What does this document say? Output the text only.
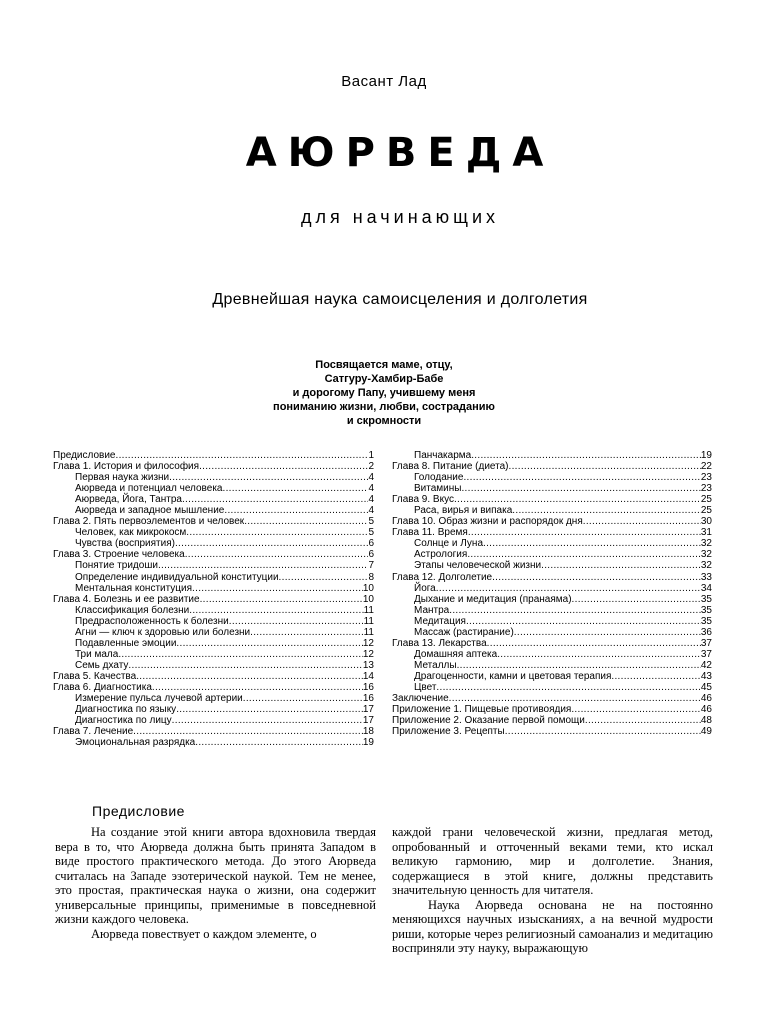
Васант Лад
АЮРВЕДА
для начинающих
Древнейшая наука самоисцеления и долголетия
Посвящается маме, отцу,
Сатгуру-Хамбир-Бабе
и дорогому Папу, учившему меня
пониманию жизни, любви, состраданию
и скромности
Предисловие .....	1
Глава 1. История и философия .....	2
Первая наука жизни .....	4
Аюрведа и потенциал человека .....	4
Аюрведа, Йога, Тантра .....	4
Аюрведа и западное мышление .....	4
Глава 2. Пять первоэлементов и человек .....	5
Человек, как микрокосм .....	5
Чувства (восприятия) .....	6
Глава 3. Строение человека .....	6
Понятие тридоши .....	7
Определение индивидуальной конституции .....	8
Ментальная конституция .....	10
Глава 4. Болезнь и ее развитие .....	10
Классификация болезни .....	11
Предрасположенность к болезни .....	11
Агни — ключ к здоровью или болезни .....	11
Подавленные эмоции .....	12
Три мала .....	12
Семь дхату .....	13
Глава 5. Качества .....	14
Глава 6. Диагностика .....	16
Измерение пульса лучевой артерии .....	16
Диагностика по языку .....	17
Диагностика по лицу .....	17
Глава 7. Лечение .....	18
Эмоциональная разрядка .....	19
Панчакарма .....	19
Глава 8. Питание (диета) .....	22
Голодание .....	23
Витамины .....	23
Глава 9. Вкус .....	25
Раса, вирья и випака .....	25
Глава 10. Образ жизни и распорядок дня .....	30
Глава 11. Время .....	31
Солнце и Луна .....	32
Астрология .....	32
Этапы человеческой жизни .....	32
Глава 12. Долголетие .....	33
Йога .....	34
Дыхание и медитация (пранаяма) .....	35
Мантра .....	35
Медитация .....	35
Массаж (растирание) .....	36
Глава 13. Лекарства .....	37
Домашняя аптека .....	37
Металлы .....	42
Драгоценности, камни и цветовая терапия .....	43
Цвет .....	45
Заключение .....	46
Приложение 1. Пищевые противоядия .....	46
Приложение 2. Оказание первой помощи .....	48
Приложение 3. Рецепты .....	49
Предисловие

На создание этой книги автора вдохновила твердая вера в то, что Аюрведа должна быть принята Западом в виде простого практического метода. До этого Аюрведа считалась на Западе эзотерической наукой. Тем не менее, это простая, практическая наука о жизни, она содержит универсальные принципы, применимые в повседневной жизни каждого человека.

Аюрведа повествует о каждом элементе, о

каждой грани человеческой жизни, предлагая метод, опробованный и отточенный веками теми, кто искал великую гармонию, мир и долголетие. Знания, содержащиеся в этой книге, должны представить значительную ценность для читателя.

Наука Аюрведа основана не на постоянно меняющихся научных изысканиях, а на вечной мудрости риши, которые через религиозный самоанализ и медитацию восприняли эту науку, выражающую
